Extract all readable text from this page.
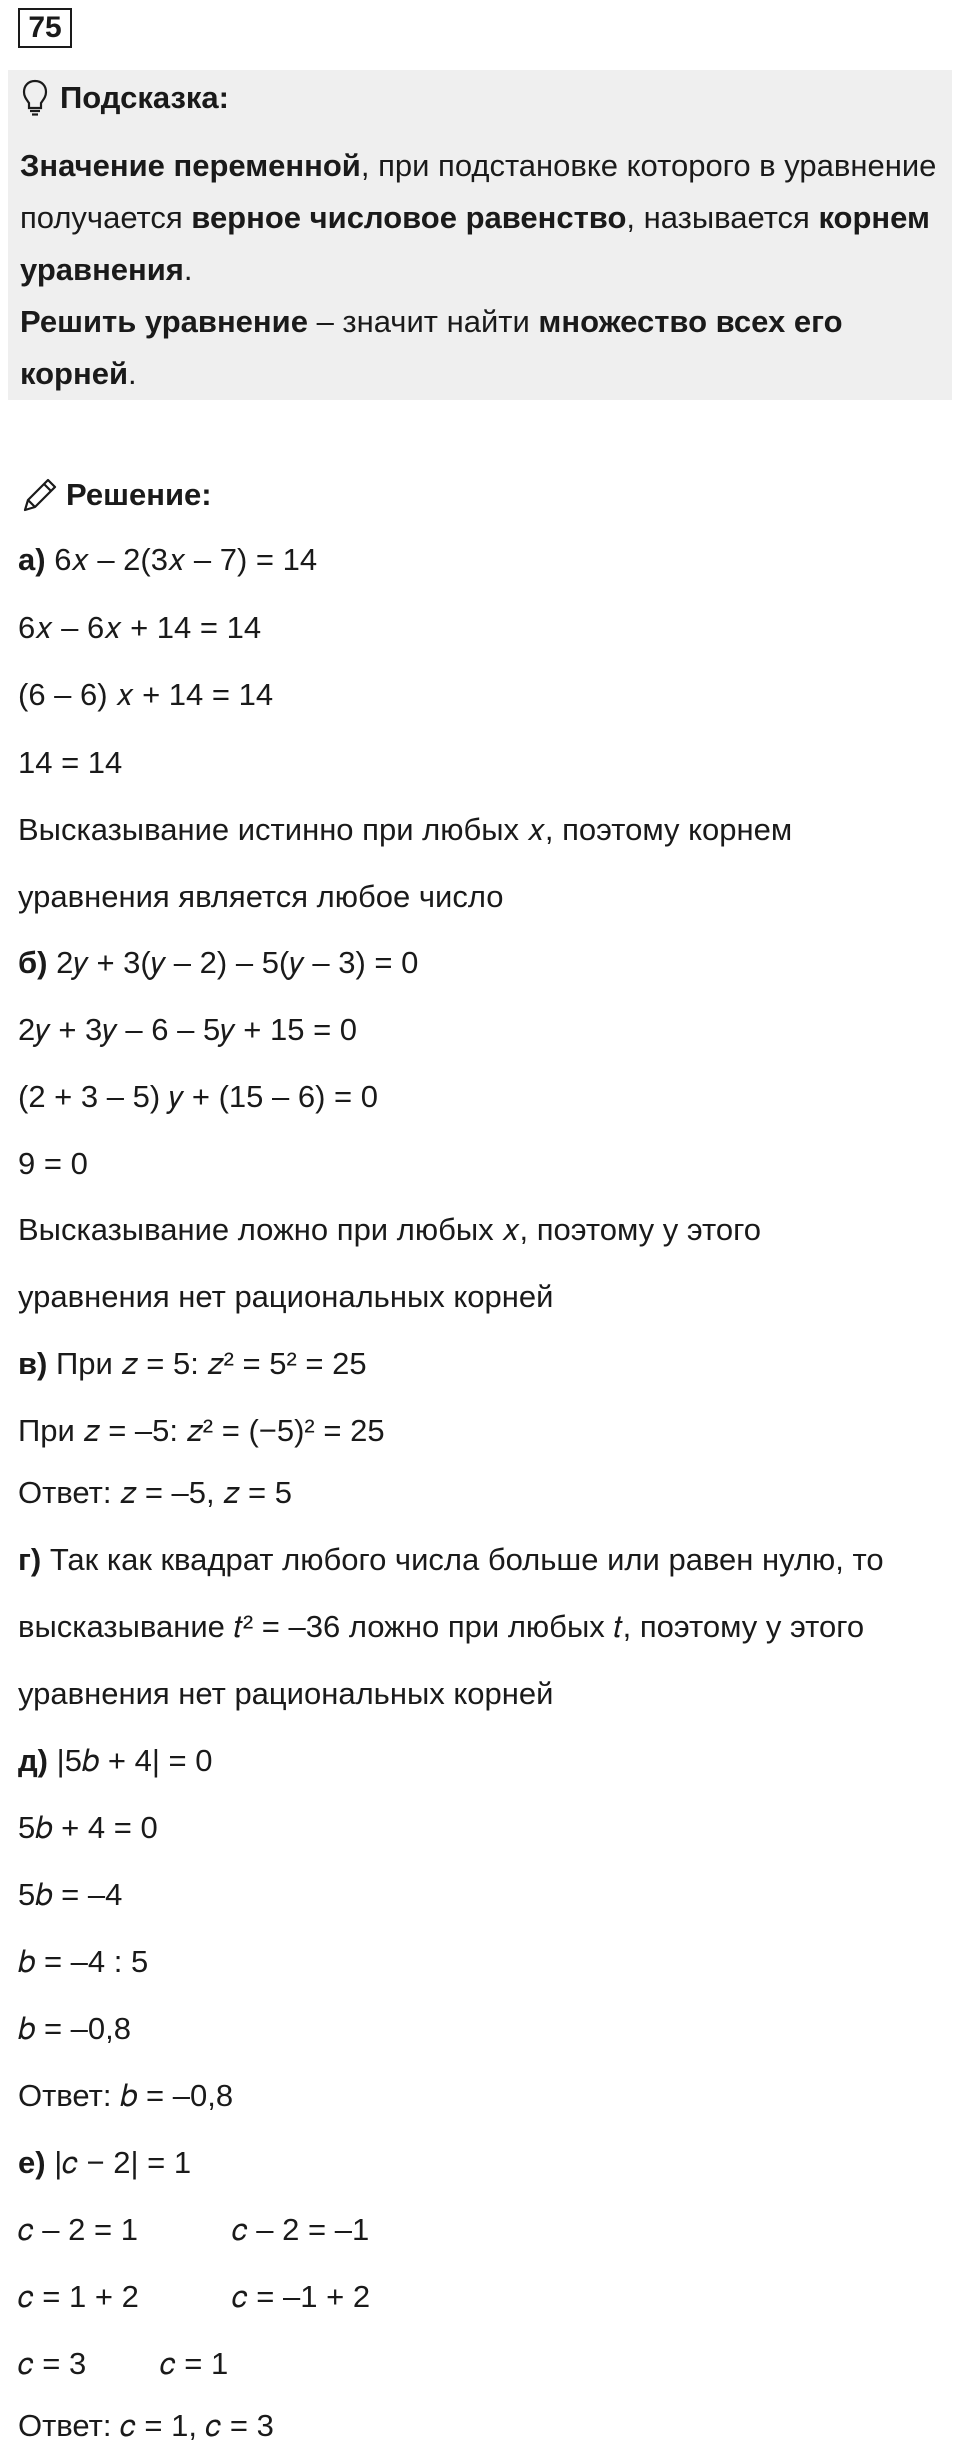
75
Подсказка:
Значение переменной, при подстановке которого в уравнение получается верное числовое равенство, называется корнем уравнения.
Решить уравнение – значит найти множество всех его корней.
Решение:
а) 6𝑥 – 2(3𝑥 – 7) = 14
6𝑥 – 6𝑥 + 14 = 14
(6 – 6) 𝑥 + 14 = 14
14 = 14
Высказывание истинно при любых 𝑥, поэтому корнем
уравнения является любое число
б) 2𝑦 + 3(𝑦 – 2) – 5(𝑦 – 3) = 0
2𝑦 + 3𝑦 – 6 – 5𝑦 + 15 = 0
(2 + 3 – 5) 𝑦 + (15 – 6) = 0
9 = 0
Высказывание ложно при любых 𝑥, поэтому у этого
уравнения нет рациональных корней
в) При 𝑧 = 5: 𝑧² = 5² = 25
При 𝑧 = –5: 𝑧² = (−5)² = 25
Ответ: 𝑧 = –5, 𝑧 = 5
г) Так как квадрат любого числа больше или равен нулю, то
высказывание 𝑡² = –36 ложно при любых 𝑡, поэтому у этого
уравнения нет рациональных корней
д) |5𝑏 + 4| = 0
5𝑏 + 4 = 0
5𝑏 = –4
𝑏 = –4 : 5
𝑏 = –0,8
Ответ: 𝑏 = –0,8
е) |𝑐 − 2| = 1
𝑐 – 2 = 1	𝑐 – 2 = –1
𝑐 = 1 + 2	𝑐 = –1 + 2
𝑐 = 3 𝑐 = 1
Ответ: 𝑐 = 1, 𝑐 = 3
